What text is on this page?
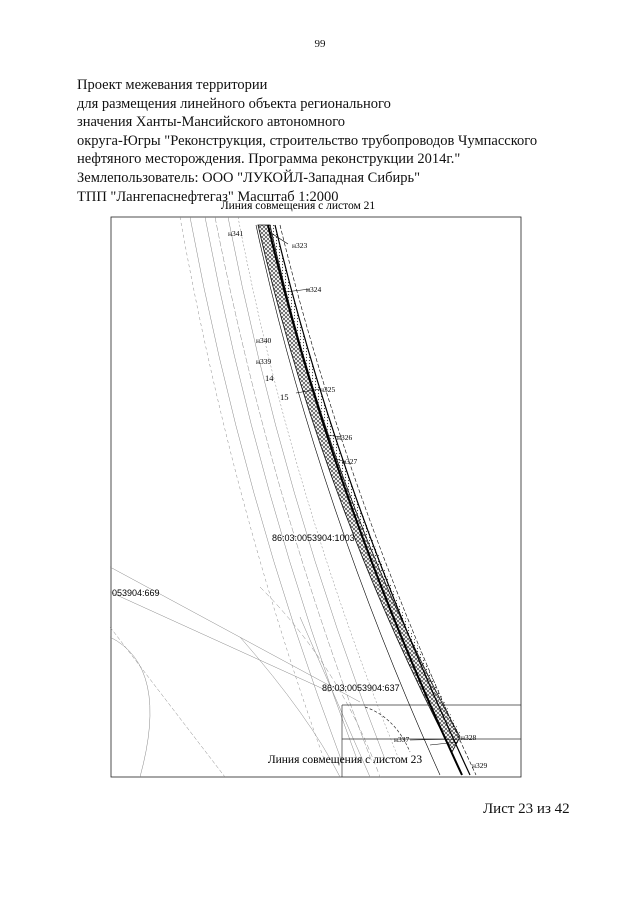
99
Проект межевания территории
для размещения линейного объекта регионального
значения Ханты-Мансийского автономного
округа-Югры "Реконструкция, строительство трубопроводов Чумпасского
нефтяного месторождения. Программа реконструкции 2014г."
Землепользователь: ООО "ЛУКОЙЛ-Западная Сибирь"
ТПП "Лангепаснефтегаз" Масштаб 1:2000
Линия совмещения с листом 21
Линия совмещения с листом 23
86:03:0053904:1003
053904:669
86:03:0053904:637
н341
н323
н324
н340
н339
14
15
н325
н326
н327
н337	н328
н329
Лист 23 из 42
